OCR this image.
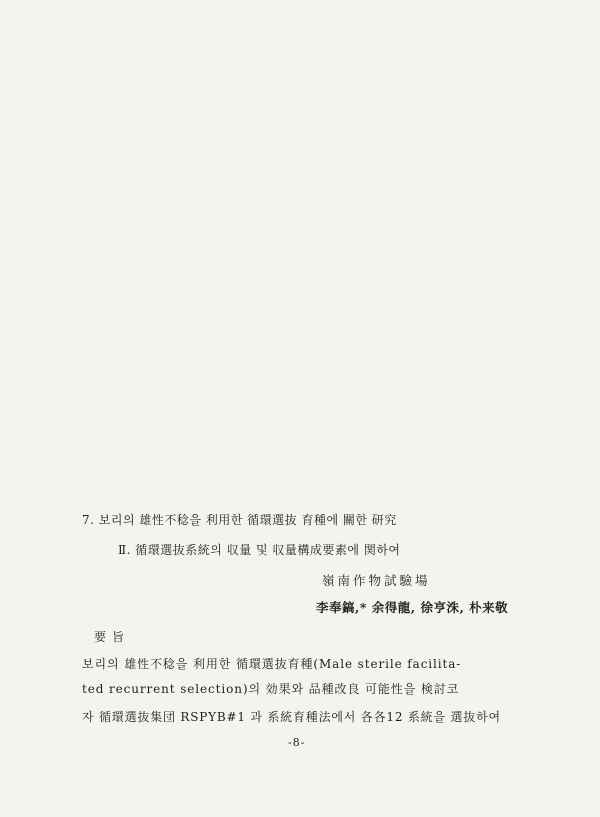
7. 보리의 雄性不稔을 利用한 循環選抜 育種에 關한 研究
Ⅱ. 循環選抜系統의 収量 및 収量構成要素에 関하여
嶺南作物試驗場
李奉鎬,* 余得龍, 徐亨洙, 朴来敬
要旨
보리의 雄性不稔을 利用한 循環選抜育種(Male sterile facilita-
ted recurrent selection)의 効果와 品種改良 可能性을 検討코
자 循環選抜集団 RSPYB#1 과 系統育種法에서 各各12 系統을 選抜하여
-8-
